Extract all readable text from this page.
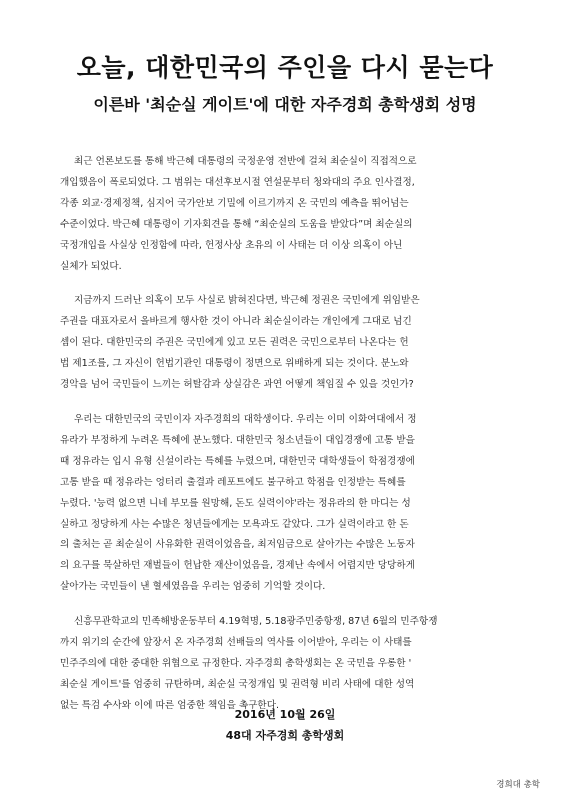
오늘, 대한민국의 주인을 다시 묻는다
이른바 '최순실 게이트'에 대한 자주경희 총학생회 성명
최근 언론보도를 통해 박근혜 대통령의 국정운영 전반에 걸쳐 최순실이 직접적으로
개입했음이 폭로되었다. 그 범위는 대선후보시절 연설문부터 청와대의 주요 인사결정,
각종 외교·경제정책, 심지어 국가안보 기밀에 이르기까지 온 국민의 예측을 뛰어넘는
수준이었다. 박근혜 대통령이 기자회견을 통해 “최순실의 도움을 받았다”며 최순실의
국정개입을 사실상 인정함에 따라, 헌정사상 초유의 이 사태는 더 이상 의혹이 아닌
실체가 되었다.
지금까지 드러난 의혹이 모두 사실로 밝혀진다면, 박근혜 정권은 국민에게 위임받은
주권을 대표자로서 올바르게 행사한 것이 아니라 최순실이라는 개인에게 그대로 넘긴
셈이 된다. 대한민국의 주권은 국민에게 있고 모든 권력은 국민으로부터 나온다는 헌
법 제1조를, 그 자신이 헌법기관인 대통령이 정면으로 위배하게 되는 것이다. 분노와
경악을 넘어 국민들이 느끼는 허탈감과 상실감은 과연 어떻게 책임질 수 있을 것인가?
우리는 대한민국의 국민이자 자주경희의 대학생이다. 우리는 이미 이화여대에서 정
유라가 부정하게 누려온 특혜에 분노했다. 대한민국 청소년들이 대입경쟁에 고통 받을
때 정유라는 입시 유형 신설이라는 특혜를 누렸으며, 대한민국 대학생들이 학점경쟁에
고통 받을 때 정유라는 엉터리 출결과 레포트에도 불구하고 학점을 인정받는 특혜를
누렸다. '능력 없으면 니네 부모를 원망해, 돈도 실력이야'라는 정유라의 한 마디는 성
실하고 정당하게 사는 수많은 청년들에게는 모욕과도 같았다. 그가 실력이라고 한 돈
의 출처는 곧 최순실이 사유화한 권력이었음을, 최저임금으로 살아가는 수많은 노동자
의 요구를 묵살하던 재벌들이 헌납한 재산이었음을, 경제난 속에서 어렵지만 당당하게
살아가는 국민들이 낸 혈세였음을 우리는 엄중히 기억할 것이다.
신흥무관학교의 민족해방운동부터 4.19혁명, 5.18광주민중항쟁, 87년 6월의 민주항쟁
까지 위기의 순간에 앞장서 온 자주경희 선배들의 역사를 이어받아, 우리는 이 사태를
민주주의에 대한 중대한 위협으로 규정한다. 자주경희 총학생회는 온 국민을 우롱한 '
최순실 게이트'를 엄중히 규탄하며, 최순실 국정개입 및 권력형 비리 사태에 대한 성역
없는 특검 수사와 이에 따른 엄중한 책임을 촉구한다.
2016년 10월 26일
48대 자주경희 총학생회
경희대 총학
